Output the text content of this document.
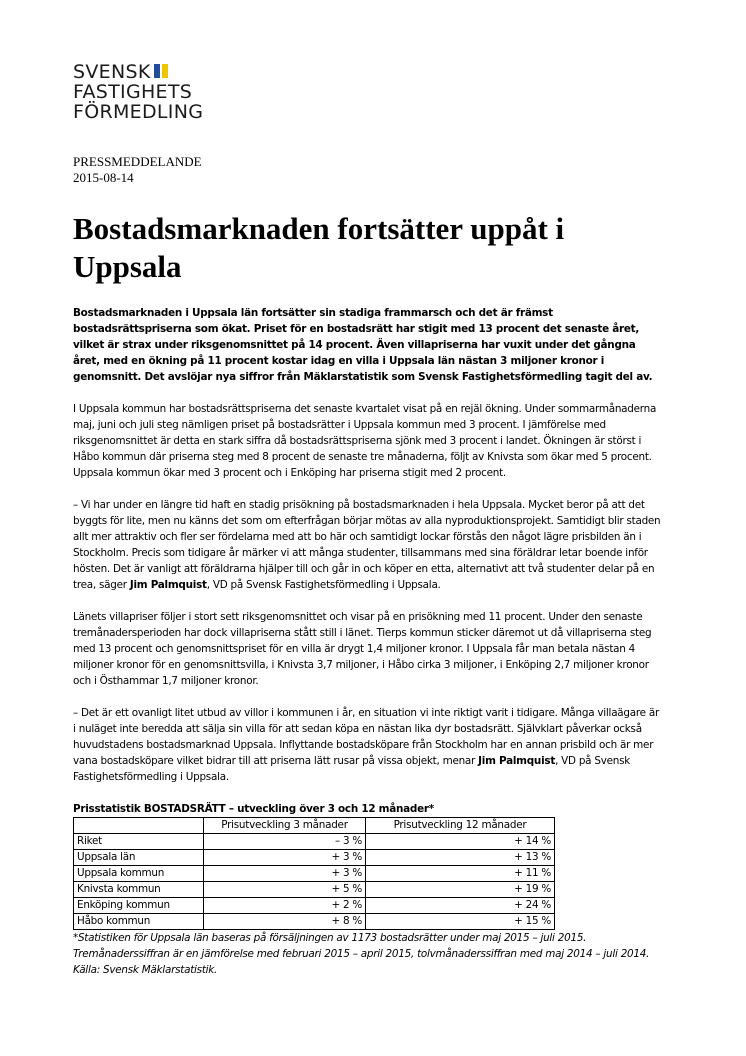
SVENSK
FASTIGHETS
FÖRMEDLING
PRESSMEDDELANDE
2015-08-14
Bostadsmarknaden fortsätter uppåt i Uppsala

Bostadsmarknaden i Uppsala län fortsätter sin stadiga frammarsch och det är främst bostadsrättspriserna som ökat. Priset för en bostadsrätt har stigit med 13 procent det senaste året, vilket är strax under riksgenomsnittet på 14 procent. Även villapriserna har vuxit under det gångna året, med en ökning på 11 procent kostar idag en villa i Uppsala län nästan 3 miljoner kronor i genomsnitt. Det avslöjar nya siffror från Mäklarstatistik som Svensk Fastighetsförmedling tagit del av.

I Uppsala kommun har bostadsrättspriserna det senaste kvartalet visat på en rejäl ökning. Under sommarmånaderna maj, juni och juli steg nämligen priset på bostadsrätter i Uppsala kommun med 3 procent. I jämförelse med riksgenomsnittet är detta en stark siffra då bostadsrättspriserna sjönk med 3 procent i landet. Ökningen är störst i Håbo kommun där priserna steg med 8 procent de senaste tre månaderna, följt av Knivsta som ökar med 5 procent. Uppsala kommun ökar med 3 procent och i Enköping har priserna stigit med 2 procent.

– Vi har under en längre tid haft en stadig prisökning på bostadsmarknaden i hela Uppsala. Mycket beror på att det byggts för lite, men nu känns det som om efterfrågan börjar mötas av alla nyproduktionsprojekt. Samtidigt blir staden allt mer attraktiv och fler ser fördelarna med att bo här och samtidigt lockar förstås den något lägre prisbilden än i Stockholm. Precis som tidigare år märker vi att många studenter, tillsammans med sina föräldrar letar boende inför hösten. Det är vanligt att föräldrarna hjälper till och går in och köper en etta, alternativt att två studenter delar på en trea, säger Jim Palmquist, VD på Svensk Fastighetsförmedling i Uppsala.

Länets villapriser följer i stort sett riksgenomsnittet och visar på en prisökning med 11 procent. Under den senaste tremånadersperioden har dock villapriserna stått still i länet. Tierps kommun sticker däremot ut då villapriserna steg med 13 procent och genomsnittspriset för en villa är drygt 1,4 miljoner kronor. I Uppsala får man betala nästan 4 miljoner kronor för en genomsnittsvilla, i Knivsta 3,7 miljoner, i Håbo cirka 3 miljoner, i Enköping 2,7 miljoner kronor och i Östhammar 1,7 miljoner kronor.

– Det är ett ovanligt litet utbud av villor i kommunen i år, en situation vi inte riktigt varit i tidigare. Många villaägare är i nuläget inte beredda att sälja sin villa för att sedan köpa en nästan lika dyr bostadsrätt. Självklart påverkar också huvudstadens bostadsmarknad Uppsala. Inflyttande bostadsköpare från Stockholm har en annan prisbild och är mer vana bostadsköpare vilket bidrar till att priserna lätt rusar på vissa objekt, menar Jim Palmquist, VD på Svensk Fastighetsförmedling i Uppsala.

Prisstatistik BOSTADSRÄTT – utveckling över 3 och 12 månader*
	Prisutveckling 3 månader	Prisutveckling 12 månader
Riket	– 3 %	+ 14 %
Uppsala län	+ 3 %	+ 13 %
Uppsala kommun	+ 3 %	+ 11 %
Knivsta kommun	+ 5 %	+ 19 %
Enköping kommun	+ 2 %	+ 24 %
Håbo kommun	+ 8 %	+ 15 %

*Statistiken för Uppsala län baseras på försäljningen av 1173 bostadsrätter under maj 2015 – juli 2015. Tremånaderssiffran är en jämförelse med februari 2015 – april 2015, tolvmånaderssiffran med maj 2014 – juli 2014. Källa: Svensk Mäklarstatistik.
